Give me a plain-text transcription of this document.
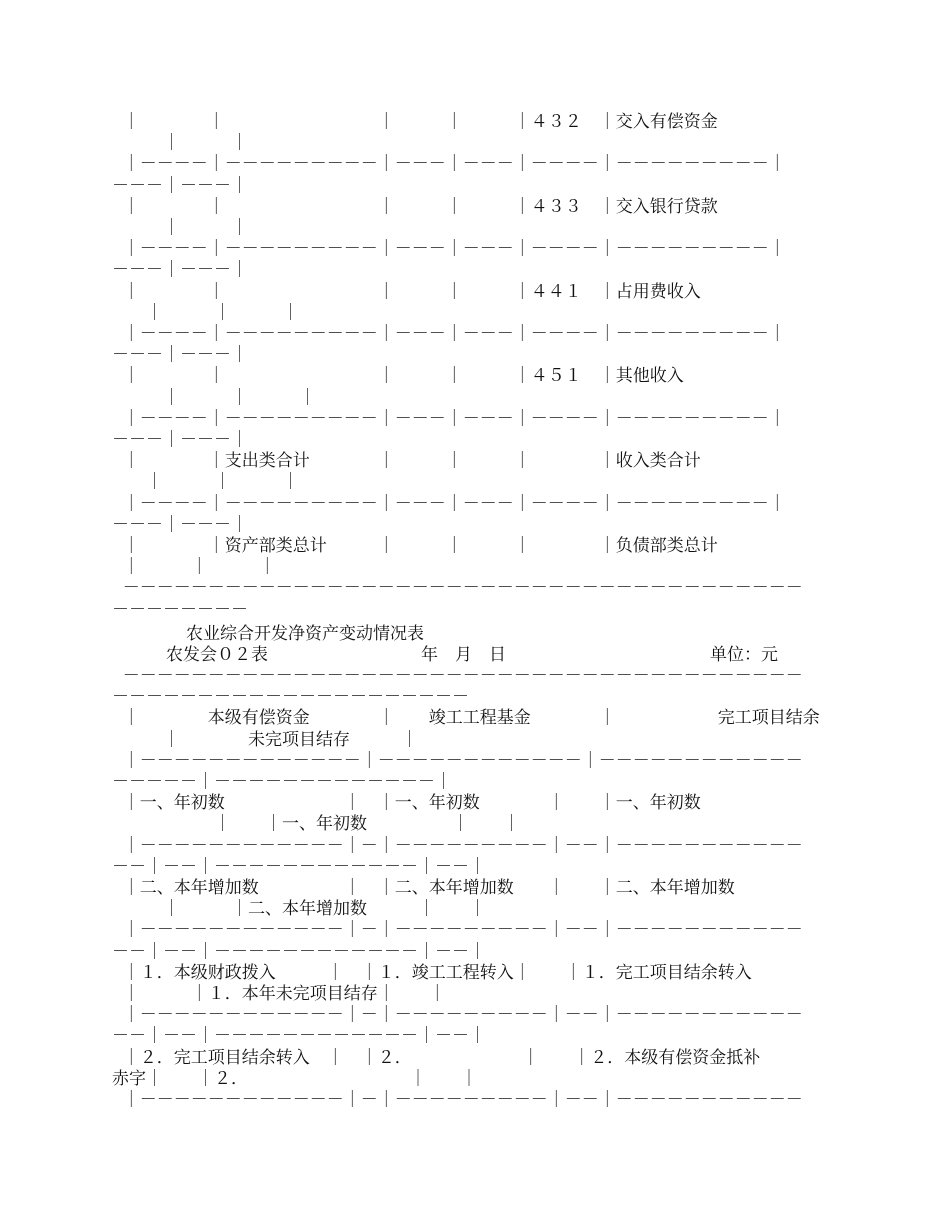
｜　　　　｜　　　　　　　　　｜　　　｜　　　｜４３２　｜交入有偿资金
　　　｜　　　｜
｜－－－－｜－－－－－－－－－｜－－－｜－－－｜－－－－｜－－－－－－－－－｜
－－－｜－－－｜
｜　　　　｜　　　　　　　　　｜　　　｜　　　｜４３３　｜交入银行贷款
　　　｜　　　｜
｜－－－－｜－－－－－－－－－｜－－－｜－－－｜－－－－｜－－－－－－－－－｜
－－－｜－－－｜
｜　　　　｜　　　　　　　　　｜　　　｜　　　｜４４１　｜占用费收入
　　｜　　　｜　　　｜
｜－－－－｜－－－－－－－－－｜－－－｜－－－｜－－－－｜－－－－－－－－－｜
－－－｜－－－｜
｜　　　　｜　　　　　　　　　｜　　　｜　　　｜４５１　｜其他收入
　　　｜　　　｜　　　｜
｜－－－－｜－－－－－－－－－｜－－－｜－－－｜－－－－｜－－－－－－－－－｜
－－－｜－－－｜
｜　　　　｜支出类合计　　　　｜　　　｜　　　｜　　　　｜收入类合计
　　｜　　　｜　　　｜
｜－－－－｜－－－－－－－－－｜－－－｜－－－｜－－－－｜－－－－－－－－－｜
－－－｜－－－｜
｜　　　　｜资产部类总计　　　｜　　　｜　　　｜　　　　｜负债部类总计
｜　　　｜　　　｜
－－－－－－－－－－－－－－－－－－－－－－－－－－－－－－－－－－－－－－－－
－－－－－－－－
农业综合开发净资产变动情况表
农发会０２表　　　　　　　　　年　月　日　　　　　　　　　　　　单位：元
－－－－－－－－－－－－－－－－－－－－－－－－－－－－－－－－－－－－－－－－
－－－－－－－－－－－－－－－－－－－－－
｜　　　　本级有偿资金　　　　｜　　竣工工程基金　　　　｜　　　　　　完工项目结余
　　　｜　　　　未完项目结存　　　｜
｜－－－－－－－－－－－－－｜－－－－－－－－－－－－｜－－－－－－－－－－－－
－－－－－｜－－－－－－－－－－－－－｜
｜一、年初数　　　　　　　｜　｜一、年初数　　　　｜　　｜一、年初数
　　　　　　｜　　｜一、年初数　　　　　｜　　｜
｜－－－－－－－－－－－－｜－｜－－－－－－－－－｜－－｜－－－－－－－－－－－
－－｜－－｜－－－－－－－－－－－－｜－－｜
｜二、本年增加数　　　　　｜　｜二、本年增加数　　｜　　｜二、本年增加数
　　　｜　　　｜二、本年增加数　　　｜　　｜
｜－－－－－－－－－－－－｜－｜－－－－－－－－－｜－－｜－－－－－－－－－－－
－－｜－－｜－－－－－－－－－－－－｜－－｜
｜１．本级财政拨入　　　｜　｜１．竣工工程转入｜　　｜１．完工项目结余转入
｜　　　｜１．本年未完项目结存｜　　｜
｜－－－－－－－－－－－－｜－｜－－－－－－－－－｜－－｜－－－－－－－－－－－
－－｜－－｜－－－－－－－－－－－－｜－－｜
｜２．完工项目结余转入　｜　｜２．　　　　　　　｜　　｜２．本级有偿资金抵补
赤字｜　　｜２．　　　　　　　　　　｜　　｜
｜－－－－－－－－－－－－｜－｜－－－－－－－－－｜－－｜－－－－－－－－－－－
